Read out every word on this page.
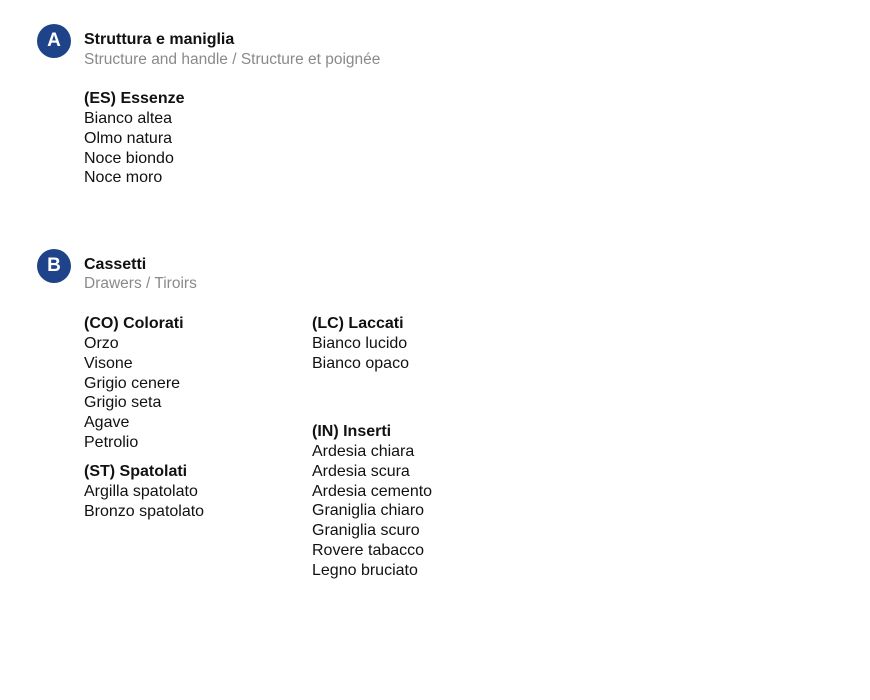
A	Struttura e maniglia
Structure and handle / Structure et poignée
(ES) Essenze
Bianco altea
Olmo natura
Noce biondo
Noce moro
B	Cassetti
Drawers / Tiroirs
(CO) Colorati
Orzo
Visone
Grigio cenere
Grigio seta
Agave
Petrolio
(ST) Spatolati
Argilla spatolato
Bronzo spatolato
(LC) Laccati
Bianco lucido
Bianco opaco
(IN) Inserti
Ardesia chiara
Ardesia scura
Ardesia cemento
Graniglia chiaro
Graniglia scuro
Rovere tabacco
Legno bruciato
